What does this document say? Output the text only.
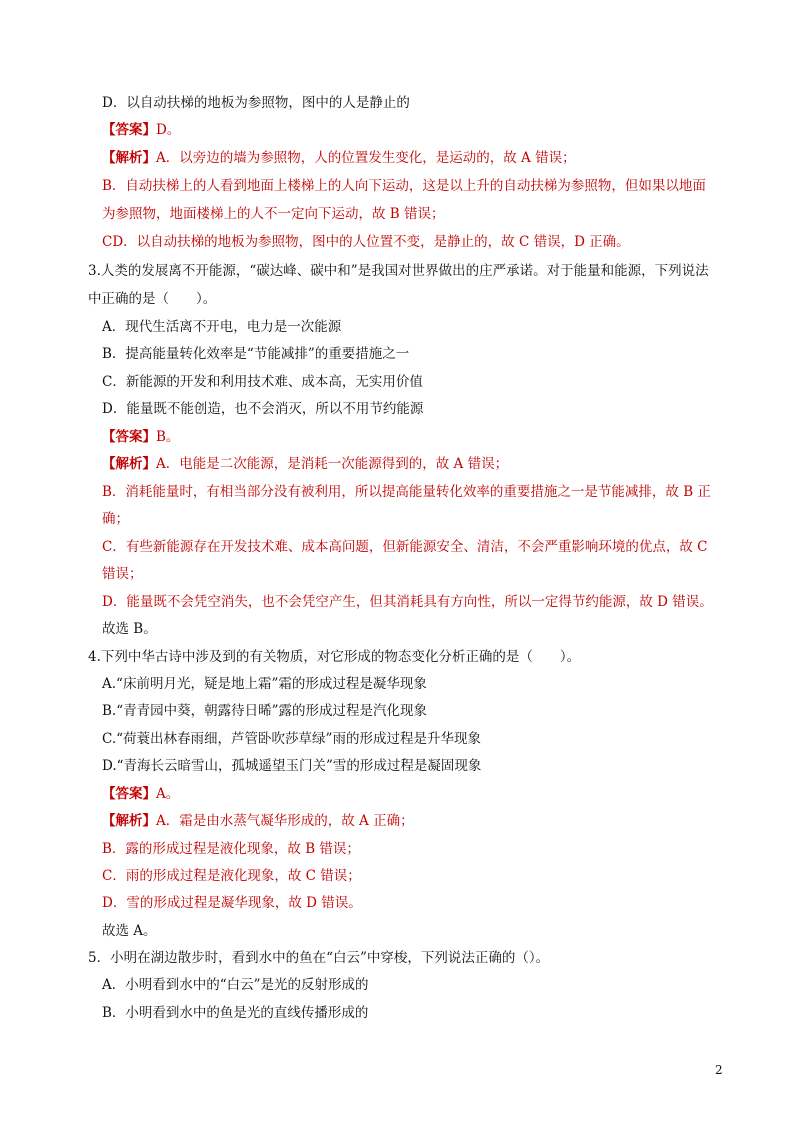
D．以自动扶梯的地板为参照物，图中的人是静止的
【答案】D。
【解析】A．以旁边的墙为参照物，人的位置发生变化，是运动的，故 A 错误；
B．自动扶梯上的人看到地面上楼梯上的人向下运动，这是以上升的自动扶梯为参照物，但如果以地面
为参照物，地面楼梯上的人不一定向下运动，故 B 错误；
CD．以自动扶梯的地板为参照物，图中的人位置不变，是静止的，故 C 错误，D 正确。
3.人类的发展离不开能源，“碳达峰、碳中和”是我国对世界做出的庄严承诺。对于能量和能源，下列说法
中正确的是（　　）。
A．现代生活离不开电，电力是一次能源
B．提高能量转化效率是“节能减排”的重要措施之一
C．新能源的开发和利用技术难、成本高，无实用价值
D．能量既不能创造，也不会消灭，所以不用节约能源
【答案】B。
【解析】A．电能是二次能源，是消耗一次能源得到的，故 A 错误；
B．消耗能量时，有相当部分没有被利用，所以提高能量转化效率的重要措施之一是节能减排，故 B 正
确；
C．有些新能源存在开发技术难、成本高问题，但新能源安全、清洁，不会严重影响环境的优点，故 C
错误；
D．能量既不会凭空消失，也不会凭空产生，但其消耗具有方向性，所以一定得节约能源，故 D 错误。
故选 B。
4.下列中华古诗中涉及到的有关物质，对它形成的物态变化分析正确的是（　　）。
A.“床前明月光，疑是地上霜”霜的形成过程是凝华现象
B.“青青园中葵，朝露待日晞”露的形成过程是汽化现象
C.“荷蓑出林春雨细，芦管卧吹莎草绿”雨的形成过程是升华现象
D.“青海长云暗雪山，孤城遥望玉门关”雪的形成过程是凝固现象
【答案】A。
【解析】A．霜是由水蒸气凝华形成的，故 A 正确；
B．露的形成过程是液化现象，故 B 错误；
C．雨的形成过程是液化现象，故 C 错误；
D．雪的形成过程是凝华现象，故 D 错误。
故选 A。
5．小明在湖边散步时，看到水中的鱼在“白云”中穿梭，下列说法正确的（）。
A．小明看到水中的“白云”是光的反射形成的
B．小明看到水中的鱼是光的直线传播形成的
2
